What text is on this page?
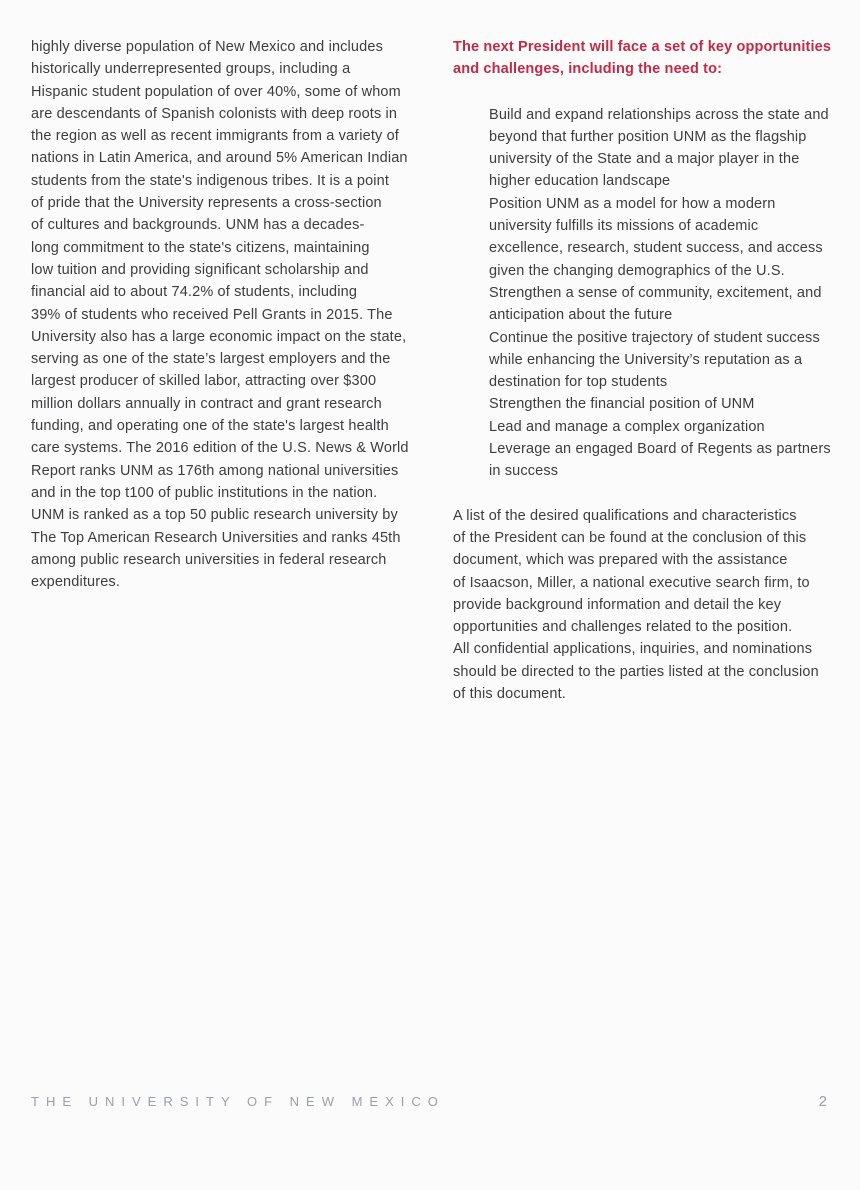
highly diverse population of New Mexico and includes
historically underrepresented groups, including a
Hispanic student population of over 40%, some of whom
are descendants of Spanish colonists with deep roots in
the region as well as recent immigrants from a variety of
nations in Latin America, and around 5% American Indian
students from the state's indigenous tribes. It is a point
of pride that the University represents a cross-section
of cultures and backgrounds. UNM has a decades-
long commitment to the state's citizens, maintaining
low tuition and providing significant scholarship and
financial aid to about 74.2% of students, including
39% of students who received Pell Grants in 2015. The
University also has a large economic impact on the state,
serving as one of the state’s largest employers and the
largest producer of skilled labor, attracting over $300
million dollars annually in contract and grant research
funding, and operating one of the state's largest health
care systems. The 2016 edition of the U.S. News & World
Report ranks UNM as 176th among national universities
and in the top t100 of public institutions in the nation.
UNM is ranked as a top 50 public research university by
The Top American Research Universities and ranks 45th
among public research universities in federal research
expenditures.
The next President will face a set of key opportunities
and challenges, including the need to:
Build and expand relationships across the state and
beyond that further position UNM as the flagship
university of the State and a major player in the
higher education landscape
Position UNM as a model for how a modern
university fulfills its missions of academic
excellence, research, student success, and access
given the changing demographics of the U.S.
Strengthen a sense of community, excitement, and
anticipation about the future
Continue the positive trajectory of student success
while enhancing the University’s reputation as a
destination for top students
Strengthen the financial position of UNM
Lead and manage a complex organization
Leverage an engaged Board of Regents as partners
in success
A list of the desired qualifications and characteristics
of the President can be found at the conclusion of this
document, which was prepared with the assistance
of Isaacson, Miller, a national executive search firm, to
provide background information and detail the key
opportunities and challenges related to the position.
All confidential applications, inquiries, and nominations
should be directed to the parties listed at the conclusion
of this document.
THE UNIVERSITY OF NEW MEXICO	2
